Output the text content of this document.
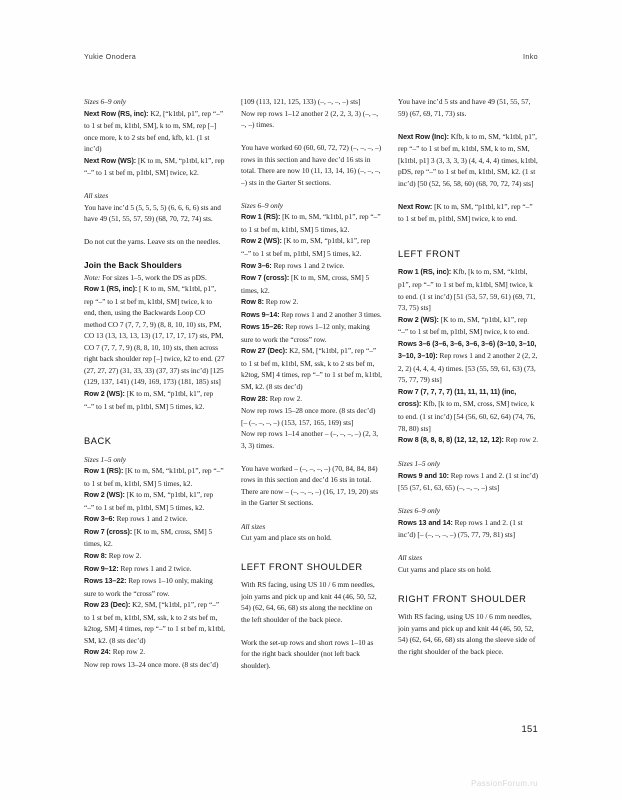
Yukie Onodera	Inko

Sizes 6–9 only

Next Row (RS, inc): K2, [“k1tbl, p1”, rep “–” to 1 st bef m, k1tbl, SM], k to m, SM, rep [–] once more, k to 2 sts bef end, kfb, k1. (1 st inc’d)

Next Row (WS): [K to m, SM, “p1tbl, k1”, rep “–” to 1 st bef m, p1tbl, SM] twice, k2.

All sizes

You have inc’d 5 (5, 5, 5, 5) (6, 6, 6, 6) sts and have 49 (51, 55, 57, 59) (68, 70, 72, 74) sts.

Do not cut the yarns. Leave sts on the needles.

Join the Back Shoulders

Note: For sizes 1–5, work the DS as pDS.

Row 1 (RS, inc): [ K to m, SM, “k1tbl, p1”, rep “–” to 1 st bef m, k1tbl, SM] twice, k to end, then, using the Backwards Loop CO method CO 7 (7, 7, 7, 9) (8, 8, 10, 10) sts, PM, CO 13 (13, 13, 13, 13) (17, 17, 17, 17) sts, PM, CO 7 (7, 7, 7, 9) (8, 8, 10, 10) sts, then across right back shoulder rep [–] twice, k2 to end. (27 (27, 27, 27) (31, 33, 33) (37, 37) sts inc’d) [125 (129, 137, 141) (149, 169, 173) (181, 185) sts]

Row 2 (WS): [K to m, SM, “p1tbl, k1”, rep “–” to 1 st bef m, p1tbl, SM] 5 times, k2.

BACK

Sizes 1–5 only

Row 1 (RS): [K to m, SM, “k1tbl, p1”, rep “–” to 1 st bef m, k1tbl, SM] 5 times, k2.

Row 2 (WS): [K to m, SM, “p1tbl, k1”, rep “–” to 1 st bef m, p1tbl, SM] 5 times, k2.

Row 3–6: Rep rows 1 and 2 twice.

Row 7 (cross): [K to m, SM, cross, SM] 5 times, k2.

Row 8: Rep row 2.

Row 9–12: Rep rows 1 and 2 twice.

Rows 13–22: Rep rows 1–10 only, making sure to work the “cross” row.

Row 23 (Dec): K2, SM, [“k1tbl, p1”, rep “–” to 1 st bef m, k1tbl, SM, ssk, k to 2 sts bef m, k2tog, SM] 4 times, rep “–” to 1 st bef m, k1tbl, SM, k2. (8 sts dec’d)

Row 24: Rep row 2.

Now rep rows 13–24 once more. (8 sts dec’d)

[109 (113, 121, 125, 133) (–, –, –, –) sts]

Now rep rows 1–12 another 2 (2, 2, 3, 3) (–, –, –, –) times.

You have worked 60 (60, 60, 72, 72) (–, –, –, –) rows in this section and have dec’d 16 sts in total. There are now 10 (11, 13, 14, 16) (–, –, –, –) sts in the Garter St sections.

Sizes 6–9 only

Row 1 (RS): [K to m, SM, “k1tbl, p1”, rep “–” to 1 st bef m, k1tbl, SM] 5 times, k2.

Row 2 (WS): [K to m, SM, “p1tbl, k1”, rep “–” to 1 st bef m, p1tbl, SM] 5 times, k2.

Row 3–6: Rep rows 1 and 2 twice.

Row 7 (cross): [K to m, SM, cross, SM] 5 times, k2.

Row 8: Rep row 2.

Rows 9–14: Rep rows 1 and 2 another 3 times.

Rows 15–26: Rep rows 1–12 only, making sure to work the “cross” row.

Row 27 (Dec): K2, SM, [“k1tbl, p1”, rep “–” to 1 st bef m, k1tbl, SM, ssk, k to 2 sts bef m, k2tog, SM] 4 times, rep “–” to 1 st bef m, k1tbl, SM, k2. (8 sts dec’d)

Row 28: Rep row 2.

Now rep rows 15–28 once more. (8 sts dec’d) [– (–, –, –, –) (153, 157, 165, 169) sts]

Now rep rows 1–14 another – (–, –, –, –) (2, 3, 3, 3) times.

You have worked – (–, –, –, –) (70, 84, 84, 84) rows in this section and dec’d 16 sts in total. There are now – (–, –, –, –) (16, 17, 19, 20) sts in the Garter St sections.

All sizes

Cut yarn and place sts on hold.

LEFT FRONT SHOULDER

With RS facing, using US 10 / 6 mm needles, join yarns and pick up and knit 44 (46, 50, 52, 54) (62, 64, 66, 68) sts along the neckline on the left shoulder of the back piece.

Work the set-up rows and short rows 1–10 as for the right back shoulder (not left back shoulder).

You have inc’d 5 sts and have 49 (51, 55, 57, 59) (67, 69, 71, 73) sts.

Next Row (Inc): Kfb, k to m, SM, “k1tbl, p1”, rep “–” to 1 st bef m, k1tbl, SM, k to m, SM, [k1tbl, p1] 3 (3, 3, 3, 3) (4, 4, 4, 4) times, k1tbl, pDS, rep “–” to 1 st bef m, k1tbl, SM, k2. (1 st inc’d) [50 (52, 56, 58, 60) (68, 70, 72, 74) sts]

Next Row: [K to m, SM, “p1tbl, k1”, rep “–” to 1 st bef m, p1tbl, SM] twice, k to end.

LEFT FRONT

Row 1 (RS, inc): Kfb, [k to m, SM, “k1tbl, p1”, rep “–” to 1 st bef m, k1tbl, SM] twice, k to end. (1 st inc’d) [51 (53, 57, 59, 61) (69, 71, 73, 75) sts]

Row 2 (WS): [K to m, SM, “p1tbl, k1”, rep “–” to 1 st bef m, p1tbl, SM] twice, k to end.

Rows 3–6 (3–6, 3–6, 3–6, 3–6) (3–10, 3–10, 3–10, 3–10): Rep rows 1 and 2 another 2 (2, 2, 2, 2) (4, 4, 4, 4) times. [53 (55, 59, 61, 63) (73, 75, 77, 79) sts]

Row 7 (7, 7, 7, 7) (11, 11, 11, 11) (inc, cross): Kfb, [k to m, SM, cross, SM] twice, k to end. (1 st inc’d) [54 (56, 60, 62, 64) (74, 76, 78, 80) sts]

Row 8 (8, 8, 8, 8) (12, 12, 12, 12): Rep row 2.

Sizes 1–5 only

Rows 9 and 10: Rep rows 1 and 2. (1 st inc’d) [55 (57, 61, 63, 65) (–, –, –, –) sts]

Sizes 6–9 only

Rows 13 and 14: Rep rows 1 and 2. (1 st inc’d) [– (–, –, –, –) (75, 77, 79, 81) sts]

All sizes

Cut yarns and place sts on hold.

RIGHT FRONT SHOULDER

With RS facing, using US 10 / 6 mm needles, join yarns and pick up and knit 44 (46, 50, 52, 54) (62, 64, 66, 68) sts along the sleeve side of the right shoulder of the back piece.

151
PassionForum.ru
